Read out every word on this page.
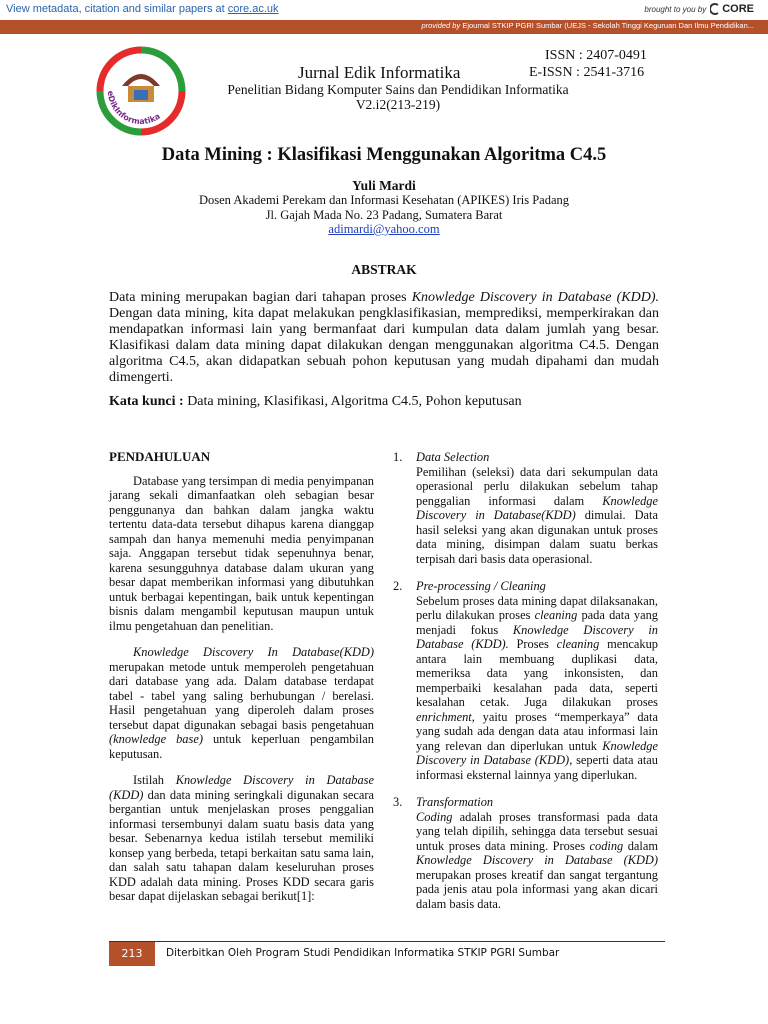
View metadata, citation and similar papers at core.ac.uk	brought to you by CORE
provided by Ejournal STKIP PGRI Sumbar (UEJS - Sekolah Tinggi Keguruan Dan Ilmu Pendidikan...
eDikInformatika
Jurnal Edik Informatika
ISSN : 2407-0491
E-ISSN : 2541-3716
Penelitian Bidang Komputer Sains dan Pendidikan Informatika
V2.i2(213-219)
Data Mining : Klasifikasi Menggunakan Algoritma C4.5
Yuli Mardi
Dosen Akademi Perekam dan Informasi Kesehatan (APIKES) Iris Padang
Jl. Gajah Mada No. 23 Padang, Sumatera Barat
adimardi@yahoo.com
ABSTRAK
Data mining merupakan bagian dari tahapan proses Knowledge Discovery in Database (KDD). Dengan data mining, kita dapat melakukan pengklasifikasian, memprediksi, memperkirakan dan mendapatkan informasi lain yang bermanfaat dari kumpulan data dalam jumlah yang besar. Klasifikasi dalam data mining dapat dilakukan dengan menggunakan algoritma C4.5. Dengan algoritma C4.5, akan didapatkan sebuah pohon keputusan yang mudah dipahami dan mudah dimengerti.
Kata kunci : Data mining, Klasifikasi, Algoritma C4.5, Pohon keputusan
PENDAHULUAN

Database yang tersimpan di media penyimpanan jarang sekali dimanfaatkan oleh sebagian besar penggunanya dan bahkan dalam jangka waktu tertentu data-data tersebut dihapus karena dianggap sampah dan hanya memenuhi media penyimpanan saja. Anggapan tersebut tidak sepenuhnya benar, karena sesungguhnya database dalam ukuran yang besar dapat memberikan informasi yang dibutuhkan untuk berbagai kepentingan, baik untuk kepentingan bisnis dalam mengambil keputusan maupun untuk ilmu pengetahuan dan penelitian.

Knowledge Discovery In Database(KDD) merupakan metode untuk memperoleh pengetahuan dari database yang ada. Dalam database terdapat tabel - tabel yang saling berhubungan / berelasi. Hasil pengetahuan yang diperoleh dalam proses tersebut dapat digunakan sebagai basis pengetahuan (knowledge base) untuk keperluan pengambilan keputusan.

Istilah Knowledge Discovery in Database (KDD) dan data mining seringkali digunakan secara bergantian untuk menjelaskan proses penggalian informasi tersembunyi dalam suatu basis data yang besar. Sebenarnya kedua istilah tersebut memiliki konsep yang berbeda, tetapi berkaitan satu sama lain, dan salah satu tahapan dalam keseluruhan proses KDD adalah data mining. Proses KDD secara garis besar dapat dijelaskan sebagai berikut[1]:

1. Data Selection
Pemilihan (seleksi) data dari sekumpulan data operasional perlu dilakukan sebelum tahap penggalian informasi dalam Knowledge Discovery in Database(KDD) dimulai. Data hasil seleksi yang akan digunakan untuk proses data mining, disimpan dalam suatu berkas terpisah dari basis data operasional.
2. Pre-processing / Cleaning
Sebelum proses data mining dapat dilaksanakan, perlu dilakukan proses cleaning pada data yang menjadi fokus Knowledge Discovery in Database (KDD). Proses cleaning mencakup antara lain membuang duplikasi data, memeriksa data yang inkonsisten, dan memperbaiki kesalahan pada data, seperti kesalahan cetak. Juga dilakukan proses enrichment, yaitu proses “memperkaya” data yang sudah ada dengan data atau informasi lain yang relevan dan diperlukan untuk Knowledge Discovery in Database (KDD), seperti data atau informasi eksternal lainnya yang diperlukan.
3. Transformation
Coding adalah proses transformasi pada data yang telah dipilih, sehingga data tersebut sesuai untuk proses data mining. Proses coding dalam Knowledge Discovery in Database (KDD) merupakan proses kreatif dan sangat tergantung pada jenis atau pola informasi yang akan dicari dalam basis data.
213	Diterbitkan Oleh Program Studi Pendidikan Informatika STKIP PGRI Sumbar
